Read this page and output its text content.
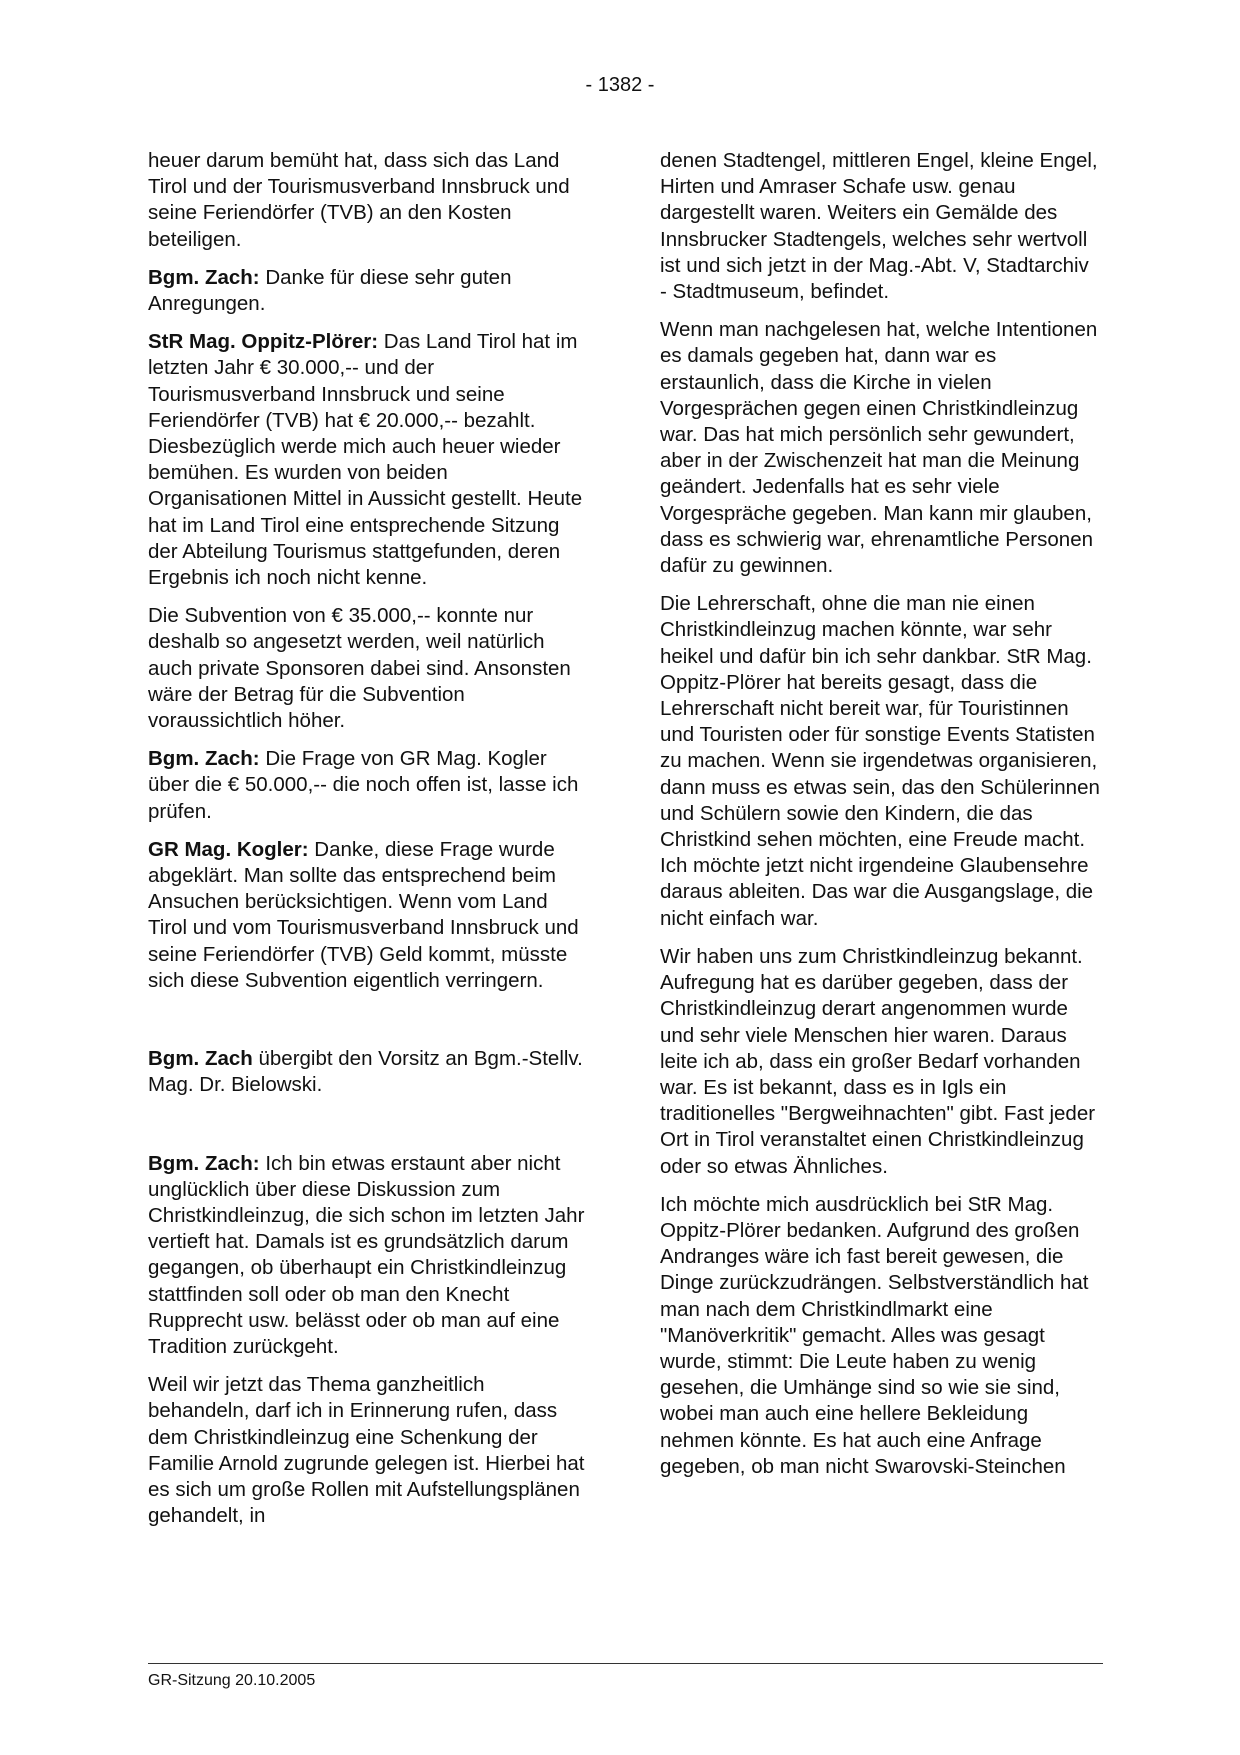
- 1382 -

heuer darum bemüht hat, dass sich das Land Tirol und der Tourismusverband Innsbruck und seine Feriendörfer (TVB) an den Kosten beteiligen.

Bgm. Zach: Danke für diese sehr guten Anregungen.

StR Mag. Oppitz-Plörer: Das Land Tirol hat im letzten Jahr € 30.000,-- und der Tourismusverband Innsbruck und seine Feriendörfer (TVB) hat € 20.000,-- bezahlt. Diesbezüglich werde mich auch heuer wieder bemühen. Es wurden von beiden Organisationen Mittel in Aussicht gestellt. Heute hat im Land Tirol eine entsprechende Sitzung der Abteilung Tourismus stattgefunden, deren Ergebnis ich noch nicht kenne.

Die Subvention von € 35.000,-- konnte nur deshalb so angesetzt werden, weil natürlich auch private Sponsoren dabei sind. Ansonsten wäre der Betrag für die Subvention voraussichtlich höher.

Bgm. Zach: Die Frage von GR Mag. Kogler über die € 50.000,-- die noch offen ist, lasse ich prüfen.

GR Mag. Kogler: Danke, diese Frage wurde abgeklärt. Man sollte das entsprechend beim Ansuchen berücksichtigen. Wenn vom Land Tirol und vom Tourismusverband Innsbruck und seine Feriendörfer (TVB) Geld kommt, müsste sich diese Subvention eigentlich verringern.

Bgm. Zach übergibt den Vorsitz an Bgm.-Stellv. Mag. Dr. Bielowski.

Bgm. Zach: Ich bin etwas erstaunt aber nicht unglücklich über diese Diskussion zum Christkindleinzug, die sich schon im letzten Jahr vertieft hat. Damals ist es grundsätzlich darum gegangen, ob überhaupt ein Christkindleinzug stattfinden soll oder ob man den Knecht Rupprecht usw. belässt oder ob man auf eine Tradition zurückgeht.

Weil wir jetzt das Thema ganzheitlich behandeln, darf ich in Erinnerung rufen, dass dem Christkindleinzug eine Schenkung der Familie Arnold zugrunde gelegen ist. Hierbei hat es sich um große Rollen mit Aufstellungsplänen gehandelt, in

denen Stadtengel, mittleren Engel, kleine Engel, Hirten und Amraser Schafe usw. genau dargestellt waren. Weiters ein Gemälde des Innsbrucker Stadtengels, welches sehr wertvoll ist und sich jetzt in der Mag.-Abt. V, Stadtarchiv - Stadtmuseum, befindet.

Wenn man nachgelesen hat, welche Intentionen es damals gegeben hat, dann war es erstaunlich, dass die Kirche in vielen Vorgesprächen gegen einen Christkindleinzug war. Das hat mich persönlich sehr gewundert, aber in der Zwischenzeit hat man die Meinung geändert. Jedenfalls hat es sehr viele Vorgespräche gegeben. Man kann mir glauben, dass es schwierig war, ehrenamtliche Personen dafür zu gewinnen.

Die Lehrerschaft, ohne die man nie einen Christkindleinzug machen könnte, war sehr heikel und dafür bin ich sehr dankbar. StR Mag. Oppitz-Plörer hat bereits gesagt, dass die Lehrerschaft nicht bereit war, für Touristinnen und Touristen oder für sonstige Events Statisten zu machen. Wenn sie irgendetwas organisieren, dann muss es etwas sein, das den Schülerinnen und Schülern sowie den Kindern, die das Christkind sehen möchten, eine Freude macht. Ich möchte jetzt nicht irgendeine Glaubensehre daraus ableiten. Das war die Ausgangslage, die nicht einfach war.

Wir haben uns zum Christkindleinzug bekannt. Aufregung hat es darüber gegeben, dass der Christkindleinzug derart angenommen wurde und sehr viele Menschen hier waren. Daraus leite ich ab, dass ein großer Bedarf vorhanden war. Es ist bekannt, dass es in Igls ein traditionelles "Bergweihnachten" gibt. Fast jeder Ort in Tirol veranstaltet einen Christkindleinzug oder so etwas Ähnliches.

Ich möchte mich ausdrücklich bei StR Mag. Oppitz-Plörer bedanken. Aufgrund des großen Andranges wäre ich fast bereit gewesen, die Dinge zurückzudrängen. Selbstverständlich hat man nach dem Christkindlmarkt eine "Manöverkritik" gemacht. Alles was gesagt wurde, stimmt: Die Leute haben zu wenig gesehen, die Umhänge sind so wie sie sind, wobei man auch eine hellere Bekleidung nehmen könnte. Es hat auch eine Anfrage gegeben, ob man nicht Swarovski-Steinchen

GR-Sitzung 20.10.2005
